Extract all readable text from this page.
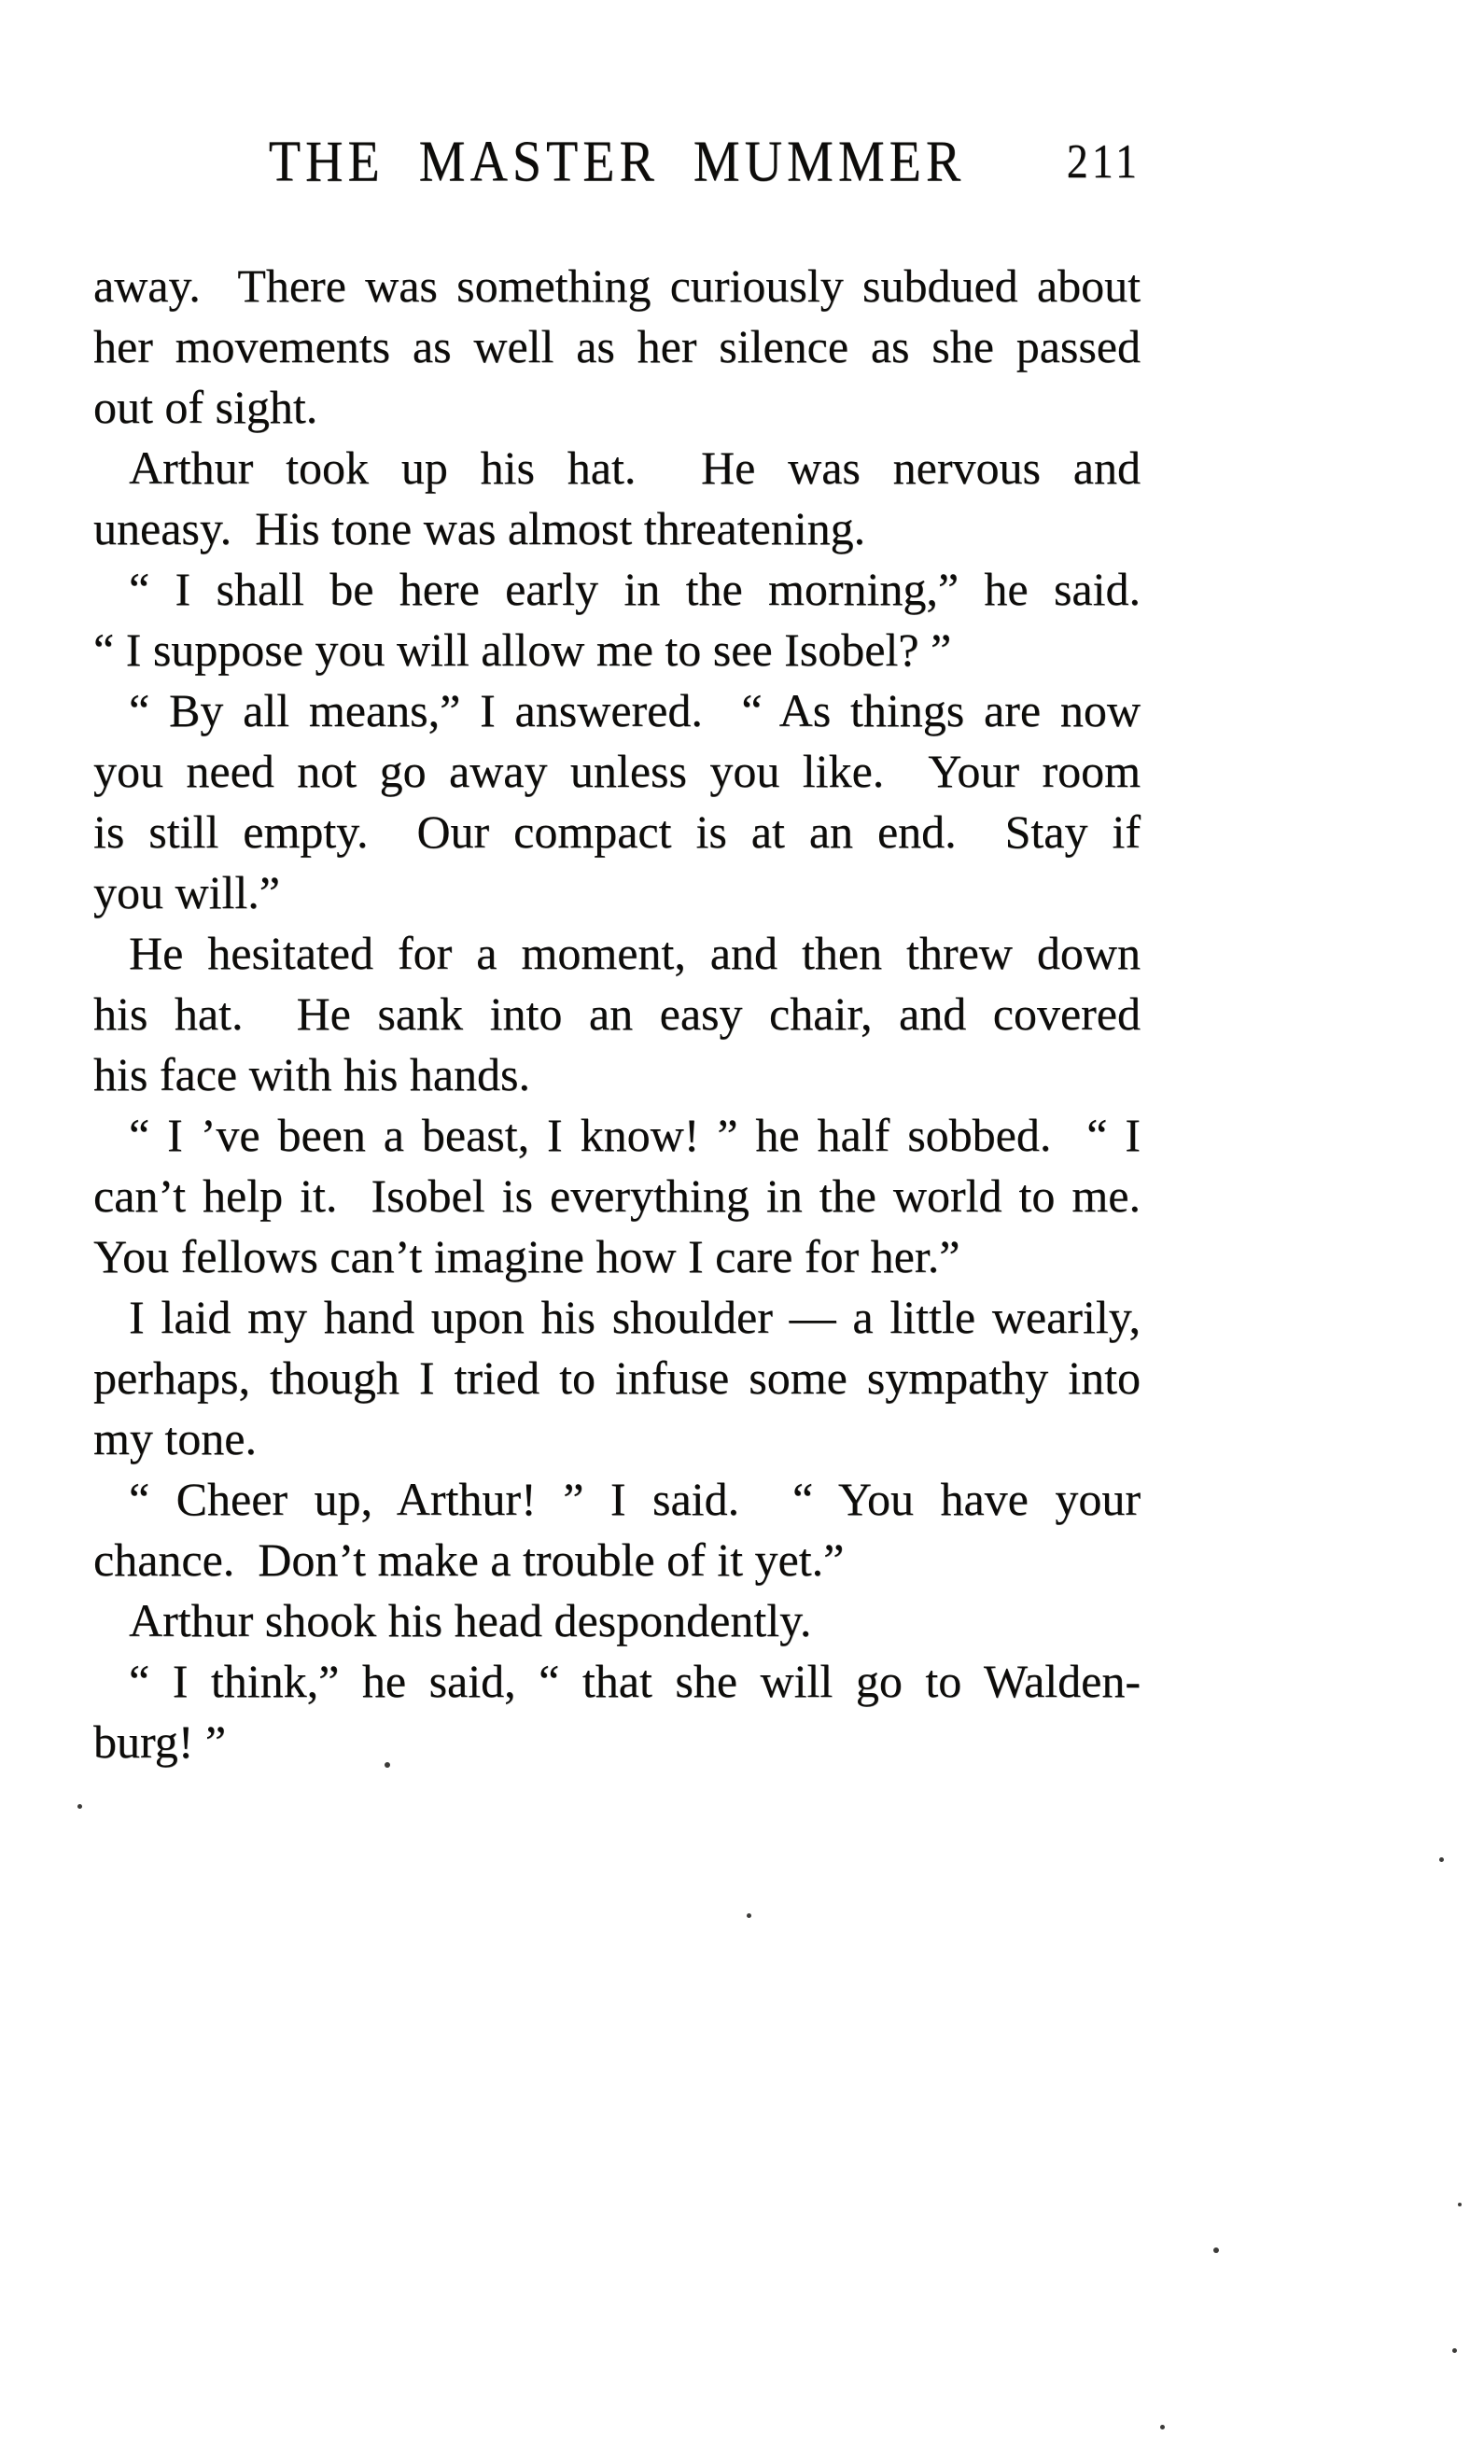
THE MASTER MUMMER	211
away.  There was something curiously subdued about
her movements as well as her silence as she passed
out of sight.
Arthur took up his hat.  He was nervous and
uneasy.  His tone was almost threatening.
“ I shall be here early in the morning,” he said.
“ I suppose you will allow me to see Isobel? ”
“ By all means,” I answered.  “ As things are now
you need not go away unless you like.  Your room
is still empty.  Our compact is at an end.  Stay if
you will.”
He hesitated for a moment, and then threw down
his hat.  He sank into an easy chair, and covered
his face with his hands.
“ I ’ve been a beast, I know! ” he half sobbed.  “ I
can’t help it.  Isobel is everything in the world to me.
You fellows can’t imagine how I care for her.”
I laid my hand upon his shoulder — a little wearily,
perhaps, though I tried to infuse some sympathy into
my tone.
“ Cheer up, Arthur! ” I said.  “ You have your
chance.  Don’t make a trouble of it yet.”
Arthur shook his head despondently.
“ I think,” he said, “ that she will go to Walden-
burg! ”
